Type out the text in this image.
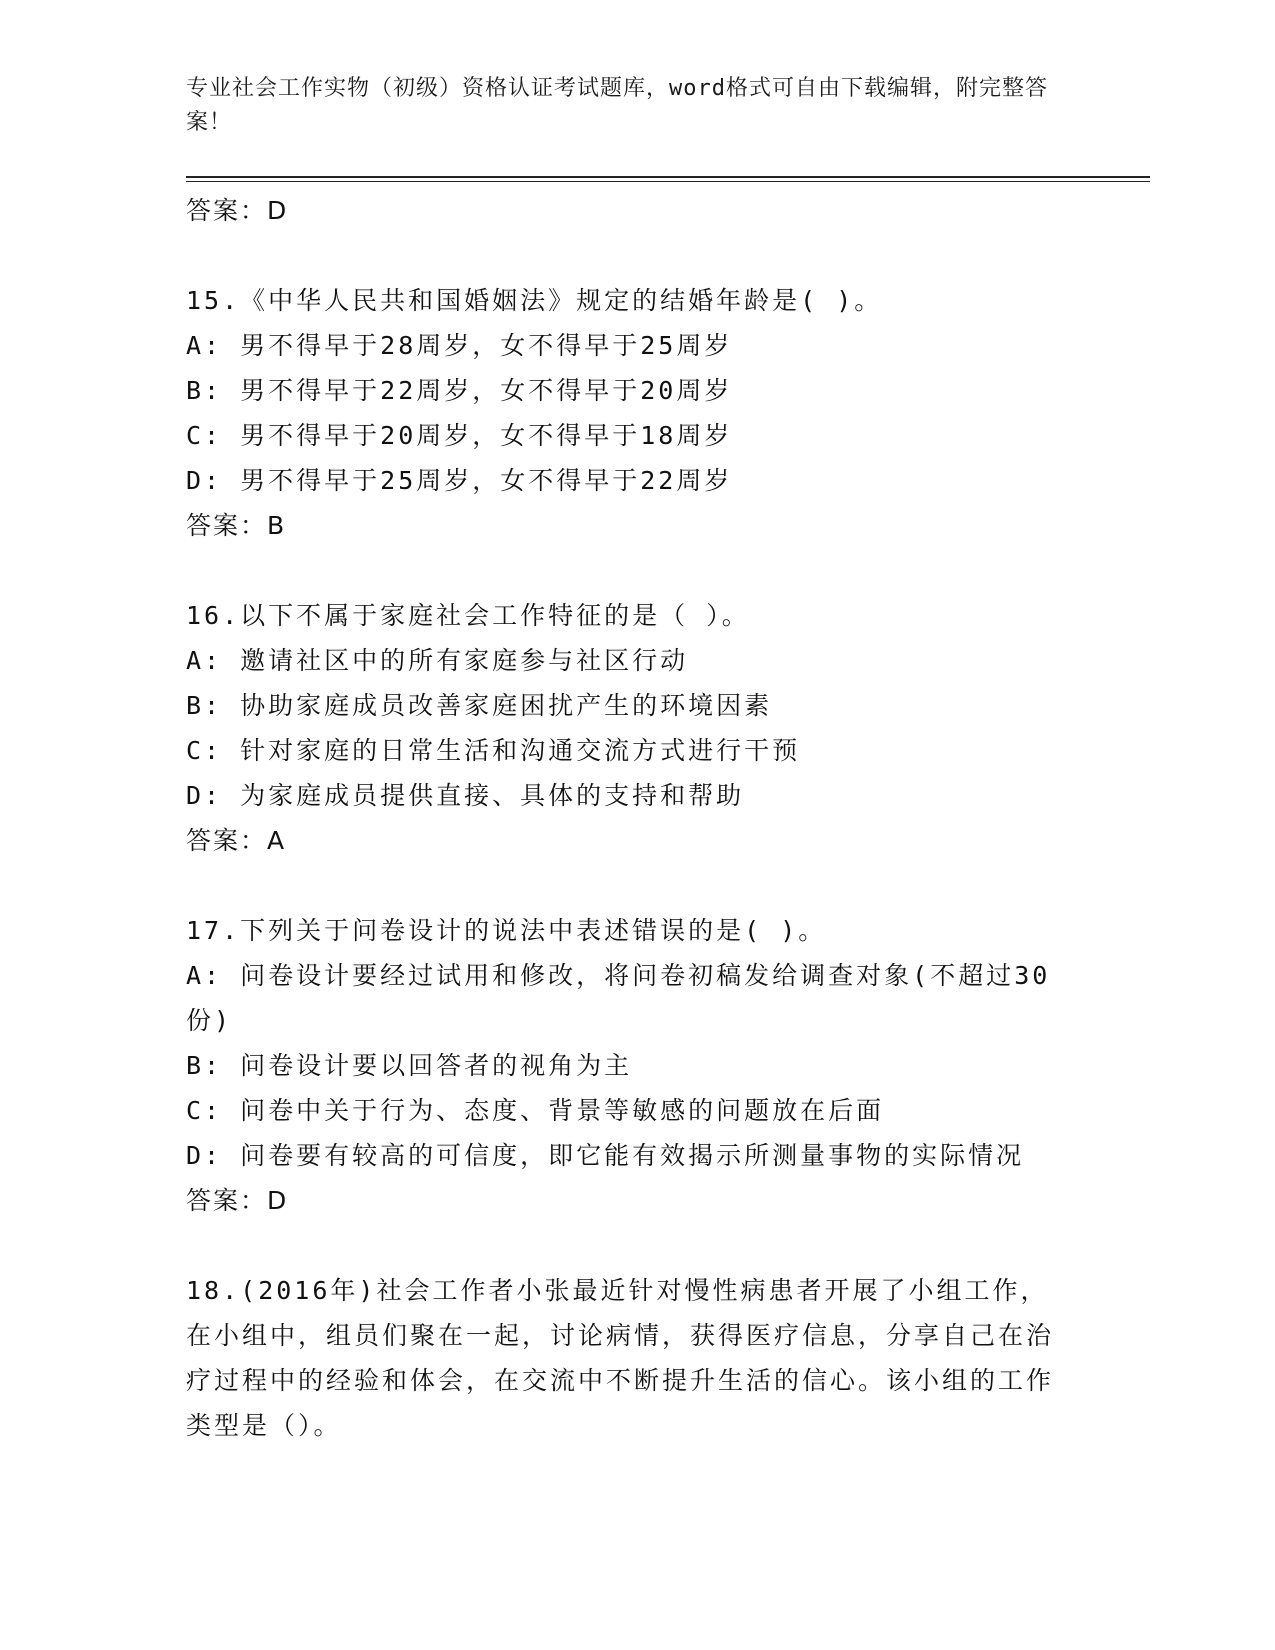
专业社会工作实物（初级）资格认证考试题库，word格式可自由下载编辑，附完整答案！

答案：D

15.《中华人民共和国婚姻法》规定的结婚年龄是( )。

A: 男不得早于28周岁，女不得早于25周岁

B: 男不得早于22周岁，女不得早于20周岁

C: 男不得早于20周岁，女不得早于18周岁

D: 男不得早于25周岁，女不得早于22周岁

答案：B

16.以下不属于家庭社会工作特征的是（ ）。

A: 邀请社区中的所有家庭参与社区行动

B: 协助家庭成员改善家庭困扰产生的环境因素

C: 针对家庭的日常生活和沟通交流方式进行干预

D: 为家庭成员提供直接、具体的支持和帮助

答案：A

17.下列关于问卷设计的说法中表述错误的是( )。

A: 问卷设计要经过试用和修改，将问卷初稿发给调查对象(不超过30份)

B: 问卷设计要以回答者的视角为主

C: 问卷中关于行为、态度、背景等敏感的问题放在后面

D: 问卷要有较高的可信度，即它能有效揭示所测量事物的实际情况

答案：D

18.(2016年)社会工作者小张最近针对慢性病患者开展了小组工作，在小组中，组员们聚在一起，讨论病情，获得医疗信息，分享自己在治疗过程中的经验和体会，在交流中不断提升生活的信心。该小组的工作类型是（）。
